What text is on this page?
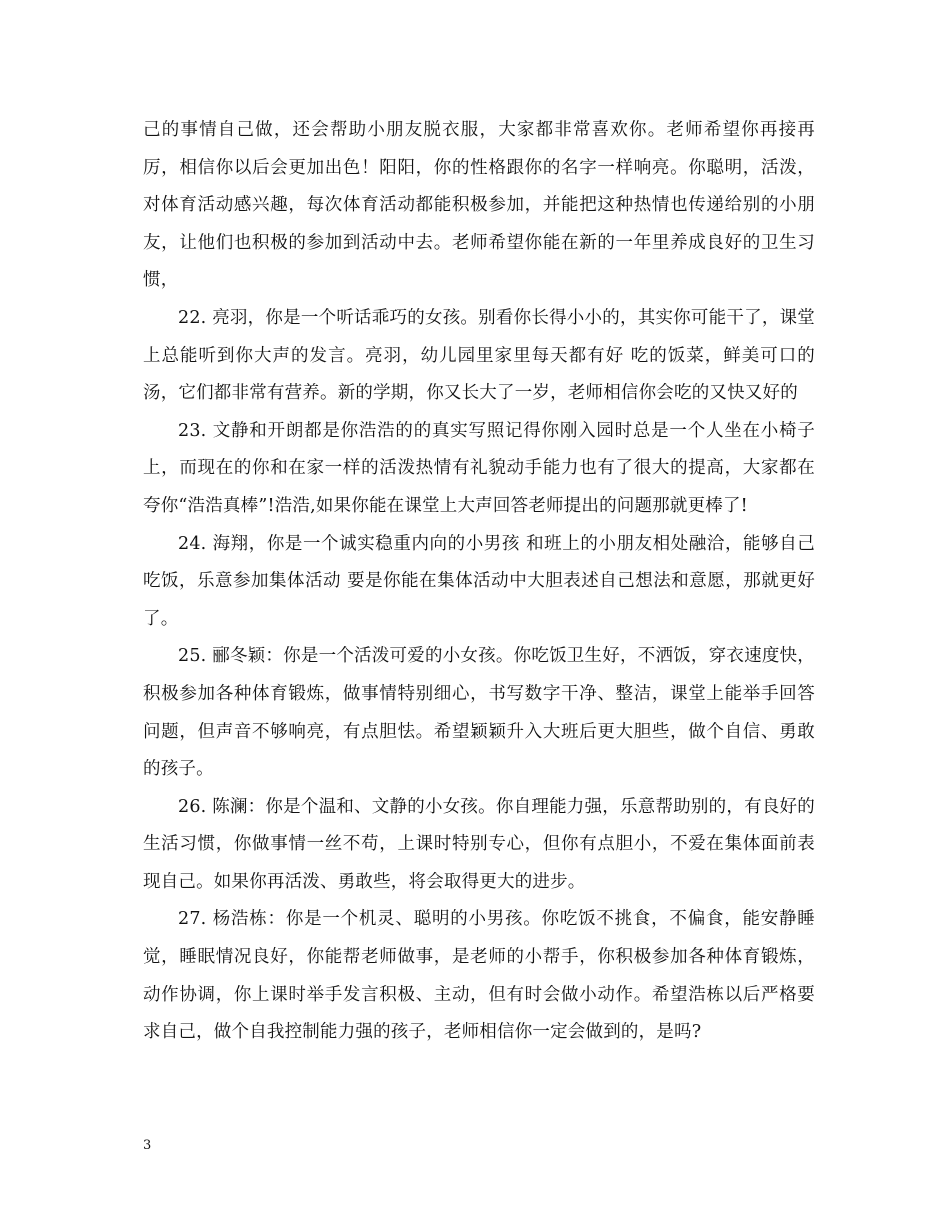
己的事情自己做，还会帮助小朋友脱衣服，大家都非常喜欢你。老师希望你再接再厉，相信你以后会更加出色！阳阳，你的性格跟你的名字一样响亮。你聪明，活泼，对体育活动感兴趣，每次体育活动都能积极参加，并能把这种热情也传递给别的小朋友，让他们也积极的参加到活动中去。老师希望你能在新的一年里养成良好的卫生习惯，

22. 亮羽，你是一个听话乖巧的女孩。别看你长得小小的，其实你可能干了，课堂上总能听到你大声的发言。亮羽，幼儿园里家里每天都有好 吃的饭菜，鲜美可口的汤，它们都非常有营养。新的学期，你又长大了一岁，老师相信你会吃的又快又好的

23. 文静和开朗都是你浩浩的的真实写照记得你刚入园时总是一个人坐在小椅子上，而现在的你和在家一样的活泼热情有礼貌动手能力也有了很大的提高，大家都在夸你“浩浩真棒”!浩浩,如果你能在课堂上大声回答老师提出的问题那就更棒了!

24. 海翔，你是一个诚实稳重内向的小男孩 和班上的小朋友相处融洽，能够自己吃饭，乐意参加集体活动 要是你能在集体活动中大胆表述自己想法和意愿，那就更好了。

25. 郦冬颖：你是一个活泼可爱的小女孩。你吃饭卫生好，不洒饭，穿衣速度快，积极参加各种体育锻炼，做事情特别细心，书写数字干净、整洁，课堂上能举手回答问题，但声音不够响亮，有点胆怯。希望颖颖升入大班后更大胆些，做个自信、勇敢的孩子。

26. 陈澜：你是个温和、文静的小女孩。你自理能力强，乐意帮助别的，有良好的生活习惯，你做事情一丝不苟，上课时特别专心，但你有点胆小，不爱在集体面前表现自己。如果你再活泼、勇敢些，将会取得更大的进步。

27. 杨浩栋：你是一个机灵、聪明的小男孩。你吃饭不挑食，不偏食，能安静睡觉，睡眠情况良好，你能帮老师做事，是老师的小帮手，你积极参加各种体育锻炼，动作协调，你上课时举手发言积极、主动，但有时会做小动作。希望浩栋以后严格要求自己，做个自我控制能力强的孩子，老师相信你一定会做到的，是吗?

3
